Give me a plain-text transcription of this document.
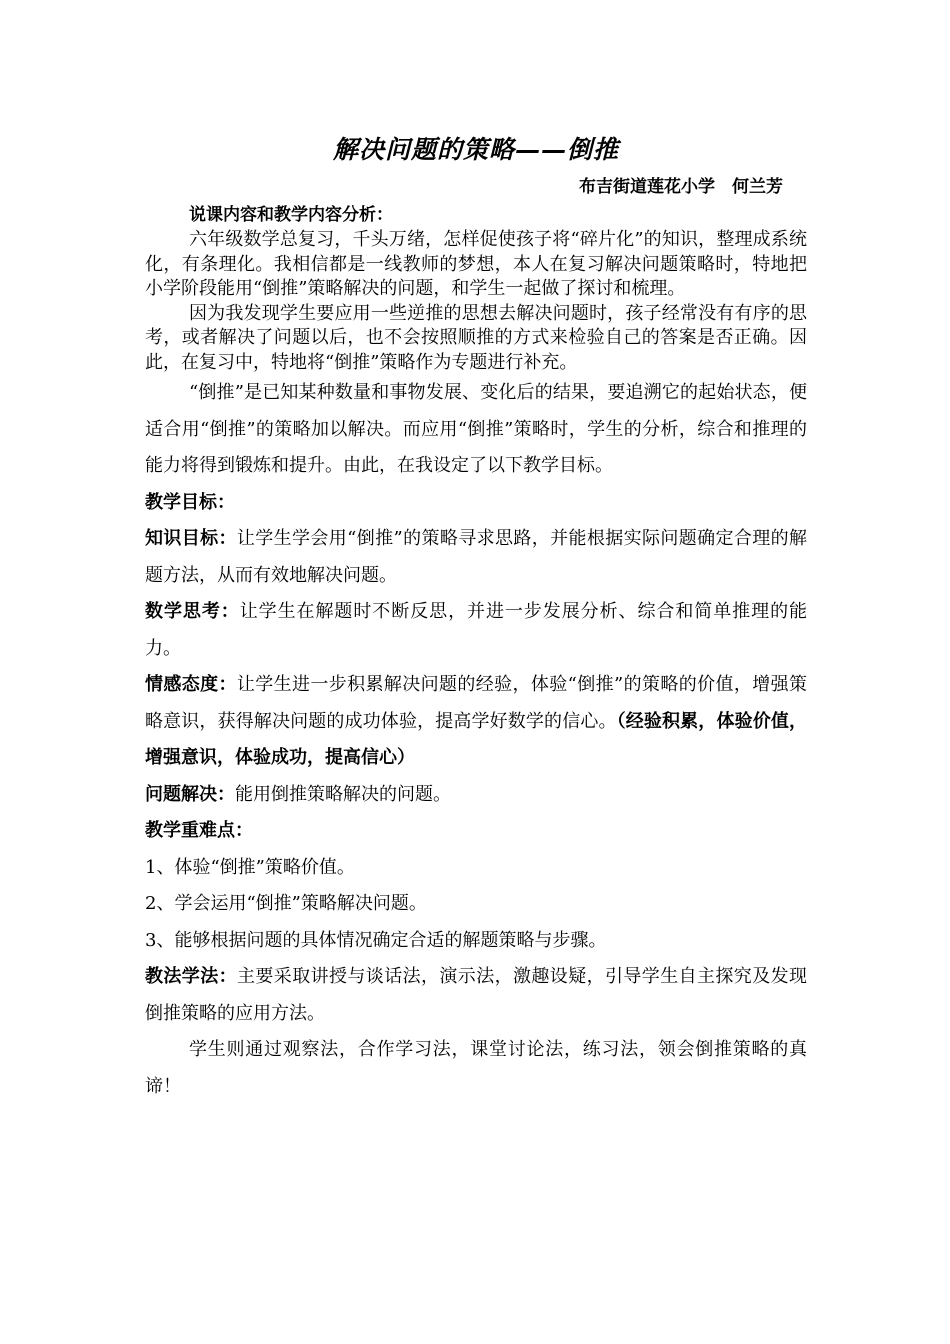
解决问题的策略——倒推

布吉街道莲花小学　何兰芳

说课内容和教学内容分析：

六年级数学总复习，千头万绪，怎样促使孩子将“碎片化”的知识，整理成系统化，有条理化。我相信都是一线教师的梦想，本人在复习解决问题策略时，特地把小学阶段能用“倒推”策略解决的问题，和学生一起做了探讨和梳理。

因为我发现学生要应用一些逆推的思想去解决问题时，孩子经常没有有序的思考，或者解决了问题以后，也不会按照顺推的方式来检验自己的答案是否正确。因此，在复习中，特地将“倒推”策略作为专题进行补充。

“倒推”是已知某种数量和事物发展、变化后的结果，要追溯它的起始状态，便适合用“倒推”的策略加以解决。而应用“倒推”策略时，学生的分析，综合和推理的能力将得到锻炼和提升。由此，在我设定了以下教学目标。

教学目标：

知识目标：让学生学会用“倒推”的策略寻求思路，并能根据实际问题确定合理的解题方法，从而有效地解决问题。

数学思考：让学生在解题时不断反思，并进一步发展分析、综合和简单推理的能力。

情感态度：让学生进一步积累解决问题的经验，体验“倒推”的策略的价值，增强策略意识，获得解决问题的成功体验，提高学好数学的信心。（经验积累，体验价值，增强意识，体验成功，提高信心）

问题解决：能用倒推策略解决的问题。

教学重难点：

1、体验“倒推”策略价值。

2、学会运用“倒推”策略解决问题。

3、能够根据问题的具体情况确定合适的解题策略与步骤。

教法学法：主要采取讲授与谈话法，演示法，激趣设疑，引导学生自主探究及发现倒推策略的应用方法。

学生则通过观察法，合作学习法，课堂讨论法，练习法，领会倒推策略的真谛！
